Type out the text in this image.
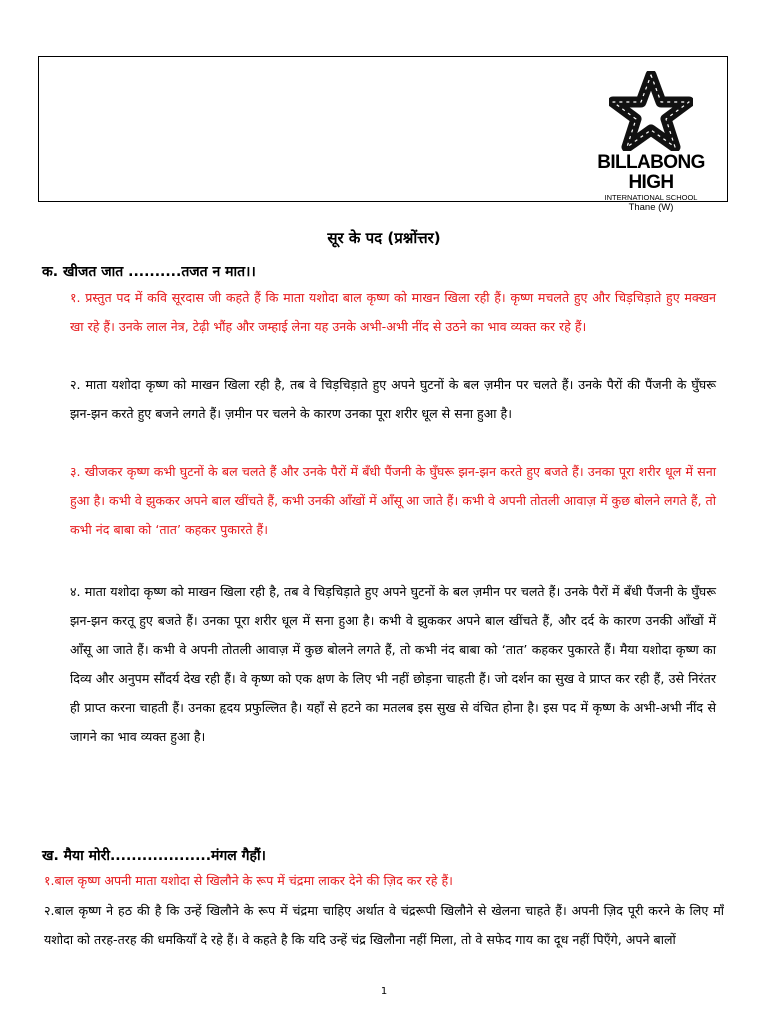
BILLABONG HIGH
INTERNATIONAL SCHOOL
Thane (W)
सूर के पद (प्रश्नोंत्तर)
क. खीजत जात ..........तजत न मात।।

१. प्रस्तुत पद में कवि सूरदास जी कहते हैं कि माता यशोदा बाल कृष्ण को माखन खिला रही हैं। कृष्ण मचलते हुए और चिड़चिड़ाते हुए मक्खन खा रहे हैं। उनके लाल नेत्र, टेढ़ी भौंह और जम्हाई लेना यह उनके अभी-अभी नींद से उठने का भाव व्यक्त कर रहे हैं।

२. माता यशोदा कृष्ण को माखन खिला रही है, तब वे चिड़चिड़ाते हुए अपने घुटनों के बल ज़मीन पर चलते हैं। उनके पैरों की पैंजनी के घुँघरू झन-झन करते हुए बजने लगते हैं। ज़मीन पर चलने के कारण उनका पूरा शरीर धूल से सना हुआ है।

३. खीजकर कृष्ण कभी घुटनों के बल चलते हैं और उनके पैरों में बँधी पैंजनी के घुँघरू झन-झन करते हुए बजते हैं। उनका पूरा शरीर धूल में सना हुआ है। कभी वे झुककर अपने बाल खींचते हैं, कभी उनकी आँखों में आँसू आ जाते हैं। कभी वे अपनी तोतली आवाज़ में कुछ बोलने लगते हैं, तो कभी नंद बाबा को ‘तात’ कहकर पुकारते हैं।

४. माता यशोदा कृष्ण को माखन खिला रही है, तब वे चिड़चिड़ाते हुए अपने घुटनों के बल ज़मीन पर चलते हैं। उनके पैरों में बँधी पैंजनी के घुँघरू झन-झन करतू हुए बजते हैं। उनका पूरा शरीर धूल में सना हुआ है। कभी वे झुककर अपने बाल खींचते हैं, और दर्द के कारण उनकी आँखों में आँसू आ जाते हैं। कभी वे अपनी तोतली आवाज़ में कुछ बोलने लगते हैं, तो कभी नंद बाबा को ‘तात’ कहकर पुकारते हैं। मैया यशोदा कृष्ण का दिव्य और अनुपम सौंदर्य देख रही हैं। वे कृष्ण को एक क्षण के लिए भी नहीं छोड़ना चाहती हैं। जो दर्शन का सुख वे प्राप्त कर रही हैं, उसे निरंतर ही प्राप्त करना चाहती हैं। उनका हृदय प्रफुल्लित है। यहाँ से हटने का मतलब इस सुख से वंचित होना है। इस पद में कृष्ण के अभी-अभी नींद से जागने का भाव व्यक्त हुआ है।

ख. मैया मोरी...................मंगल गैहौं।

१.बाल कृष्ण अपनी माता यशोदा से खिलौने के रूप में चंद्रमा लाकर देने की ज़िद कर रहे हैं।

२.बाल कृष्ण ने हठ की है कि उन्हें खिलौने के रूप में चंद्रमा चाहिए अर्थात वे चंद्ररूपी खिलौने से खेलना चाहते हैं। अपनी ज़िद पूरी करने के लिए माँ यशोदा को तरह-तरह की धमकियाँ दे रहे हैं। वे कहते है कि यदि उन्हें चंद्र खिलौना नहीं मिला, तो वे सफेद गाय का दूध नहीं पिएँगे, अपने बालों

1
